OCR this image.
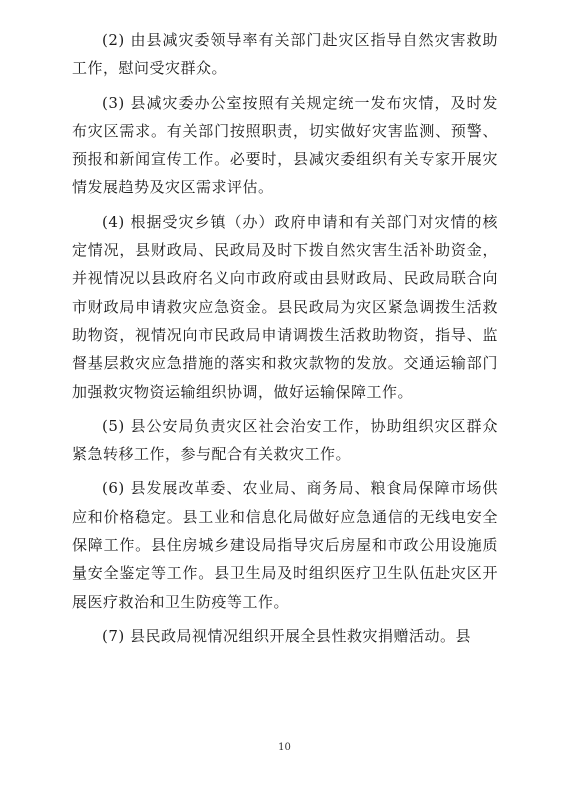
(2) 由县减灾委领导率有关部门赴灾区指导自然灾害救助工作，慰问受灾群众。

(3) 县减灾委办公室按照有关规定统一发布灾情，及时发布灾区需求。有关部门按照职责，切实做好灾害监测、预警、预报和新闻宣传工作。必要时，县减灾委组织有关专家开展灾情发展趋势及灾区需求评估。

(4) 根据受灾乡镇（办）政府申请和有关部门对灾情的核定情况，县财政局、民政局及时下拨自然灾害生活补助资金，并视情况以县政府名义向市政府或由县财政局、民政局联合向市财政局申请救灾应急资金。县民政局为灾区紧急调拨生活救助物资，视情况向市民政局申请调拨生活救助物资，指导、监督基层救灾应急措施的落实和救灾款物的发放。交通运输部门加强救灾物资运输组织协调，做好运输保障工作。

(5) 县公安局负责灾区社会治安工作，协助组织灾区群众紧急转移工作，参与配合有关救灾工作。

(6) 县发展改革委、农业局、商务局、粮食局保障市场供应和价格稳定。县工业和信息化局做好应急通信的无线电安全保障工作。县住房城乡建设局指导灾后房屋和市政公用设施质量安全鉴定等工作。县卫生局及时组织医疗卫生队伍赴灾区开展医疗救治和卫生防疫等工作。

(7) 县民政局视情况组织开展全县性救灾捐赠活动。县

10
